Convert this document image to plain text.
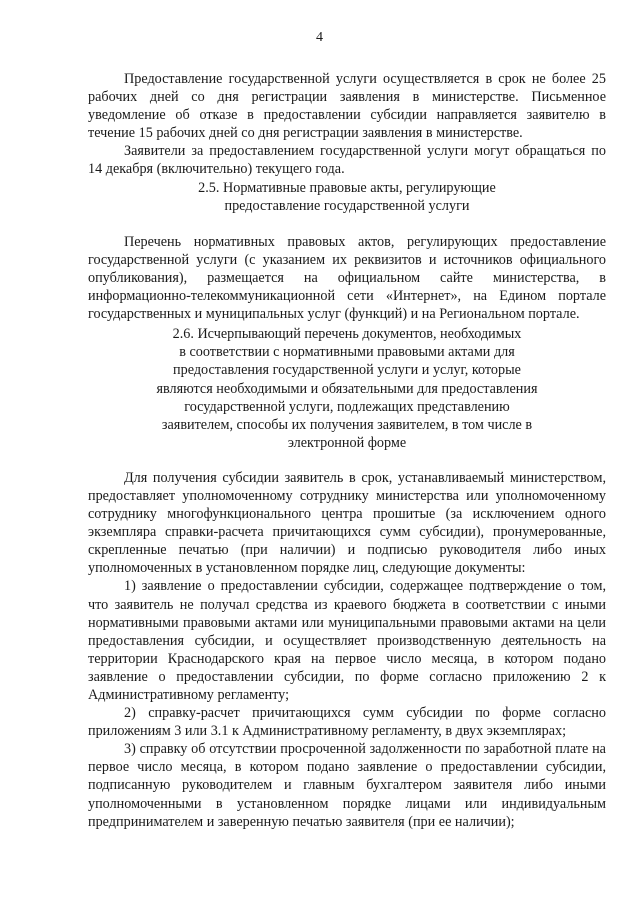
4

Предоставление государственной услуги осуществляется в срок не более 25 рабочих дней со дня регистрации заявления в министерстве. Письменное уведомление об отказе в предоставлении субсидии направляется заявителю в течение 15 рабочих дней со дня регистрации заявления в министерстве.

Заявители за предоставлением государственной услуги могут обращаться по 14 декабря (включительно) текущего года.

2.5. Нормативные правовые акты, регулирующие

предоставление государственной услуги

Перечень нормативных правовых актов, регулирующих предоставление государственной услуги (с указанием их реквизитов и источников официального опубликования), размещается на официальном сайте министерства, в информационно-телекоммуникационной сети «Интернет», на Едином портале государственных и муниципальных услуг (функций) и на Региональном портале.

2.6. Исчерпывающий перечень документов, необходимых

в соответствии с нормативными правовыми актами для

предоставления государственной услуги и услуг, которые

являются необходимыми и обязательными для предоставления

государственной услуги, подлежащих представлению

заявителем, способы их получения заявителем, в том числе в

электронной форме

Для получения субсидии заявитель в срок, устанавливаемый министерством, предоставляет уполномоченному сотруднику министерства или уполномоченному сотруднику многофункционального центра прошитые (за исключением одного экземпляра справки-расчета причитающихся сумм субсидии), пронумерованные, скрепленные печатью (при наличии) и подписью руководителя либо иных уполномоченных в установленном порядке лиц, следующие документы:

1) заявление о предоставлении субсидии, содержащее подтверждение о том, что заявитель не получал средства из краевого бюджета в соответствии с иными нормативными правовыми актами или муниципальными правовыми актами на цели предоставления субсидии, и осуществляет производственную деятельность на территории Краснодарского края на первое число месяца, в котором подано заявление о предоставлении субсидии, по форме согласно приложению 2 к Административному регламенту;

2) справку-расчет причитающихся сумм субсидии по форме согласно приложениям 3 или 3.1 к Административному регламенту, в двух экземплярах;

3) справку об отсутствии просроченной задолженности по заработной плате на первое число месяца, в котором подано заявление о предоставлении субсидии, подписанную руководителем и главным бухгалтером заявителя либо иными уполномоченными в установленном порядке лицами или индивидуальным предпринимателем и заверенную печатью заявителя (при ее наличии);
